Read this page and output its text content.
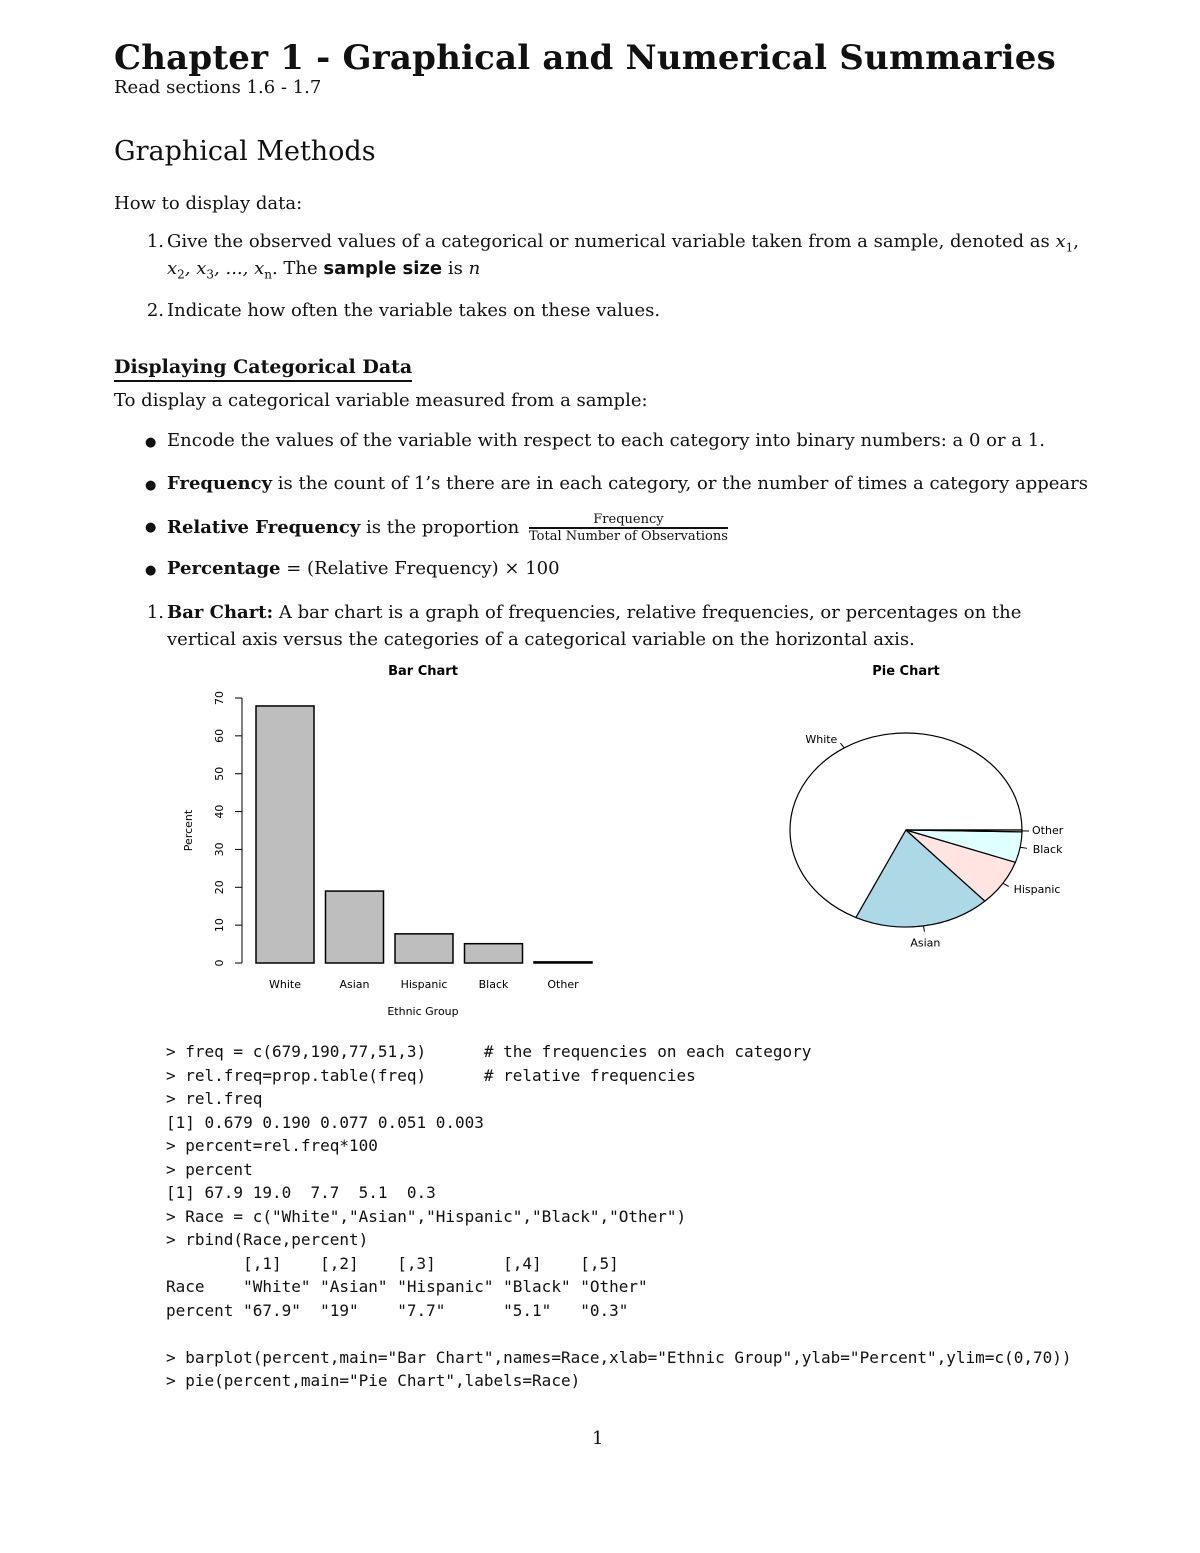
Chapter 1 - Graphical and Numerical Summaries
Read sections 1.6 - 1.7
Graphical Methods
How to display data:
1. Give the observed values of a categorical or numerical variable taken from a sample, denoted as $x_1$,
$x_2$, $x_3$, ..., $x_n$. The sample size is n
2. Indicate how often the variable takes on these values.
Displaying Categorical Data
To display a categorical variable measured from a sample:
● Encode the values of the variable with respect to each category into binary numbers: a 0 or a 1.
● Frequency is the count of 1’s there are in each category, or the number of times a category appears
● Relative Frequency is the proportion $\frac{\text{Frequency}}{\text{Total Number of Observations}}$
● Percentage = (Relative Frequency) × 100
1. Bar Chart: A bar chart is a graph of frequencies, relative frequencies, or percentages on the
vertical axis versus the categories of a categorical variable on the horizontal axis.
Bar Chart
0
10
20
30
40
50
60
70
Percent
White	Asian	Hispanic	Black	Other
Ethnic Group
Pie Chart
White
Asian
Hispanic
Black
Other
> freq = c(679,190,77,51,3)      # the frequencies on each category
> rel.freq=prop.table(freq)      # relative frequencies
> rel.freq
[1] 0.679 0.190 0.077 0.051 0.003
> percent=rel.freq*100
> percent
[1] 67.9 19.0  7.7  5.1  0.3
> Race = c("White","Asian","Hispanic","Black","Other")
> rbind(Race,percent)
[,1]    [,2]    [,3]       [,4]    [,5]
Race    "White" "Asian" "Hispanic" "Black" "Other"
percent "67.9"  "19"    "7.7"      "5.1"   "0.3"

> barplot(percent,main="Bar Chart",names=Race,xlab="Ethnic Group",ylab="Percent",ylim=c(0,70))
> pie(percent,main="Pie Chart",labels=Race)
1
